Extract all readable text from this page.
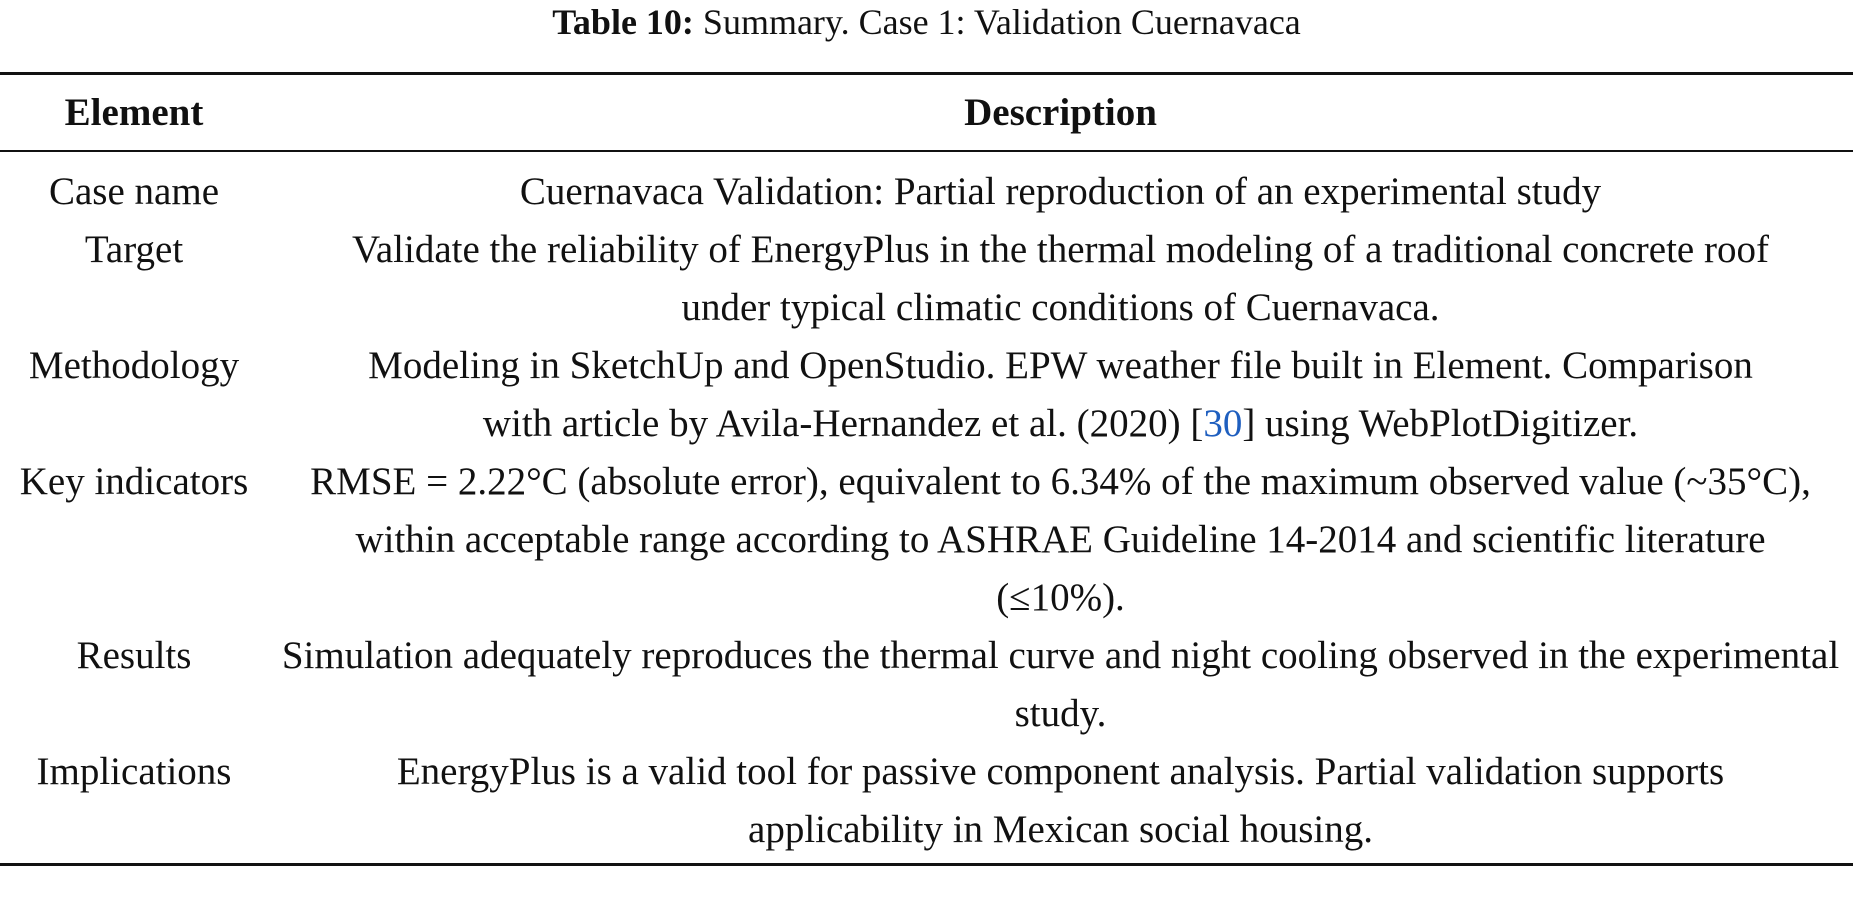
Table 10: Summary. Case 1: Validation Cuernavaca
Element	Description
Case name	Cuernavaca Validation: Partial reproduction of an experimental study

Target	Validate the reliability of EnergyPlus in the thermal modeling of a traditional concrete roof under typical climatic conditions of Cuernavaca.

Methodology	Modeling in SketchUp and OpenStudio. EPW weather file built in Element. Comparison with article by Avila-Hernandez et al. (2020) [30] using WebPlotDigitizer.

Key indicators	RMSE = 2.22°C (absolute error), equivalent to 6.34% of the maximum observed value (~35°C), within acceptable range according to ASHRAE Guideline 14-2014 and scientific literature (≤10%).

Results	Simulation adequately reproduces the thermal curve and night cooling observed in the experimental study.

Implications	EnergyPlus is a valid tool for passive component analysis. Partial validation supports applicability in Mexican social housing.
